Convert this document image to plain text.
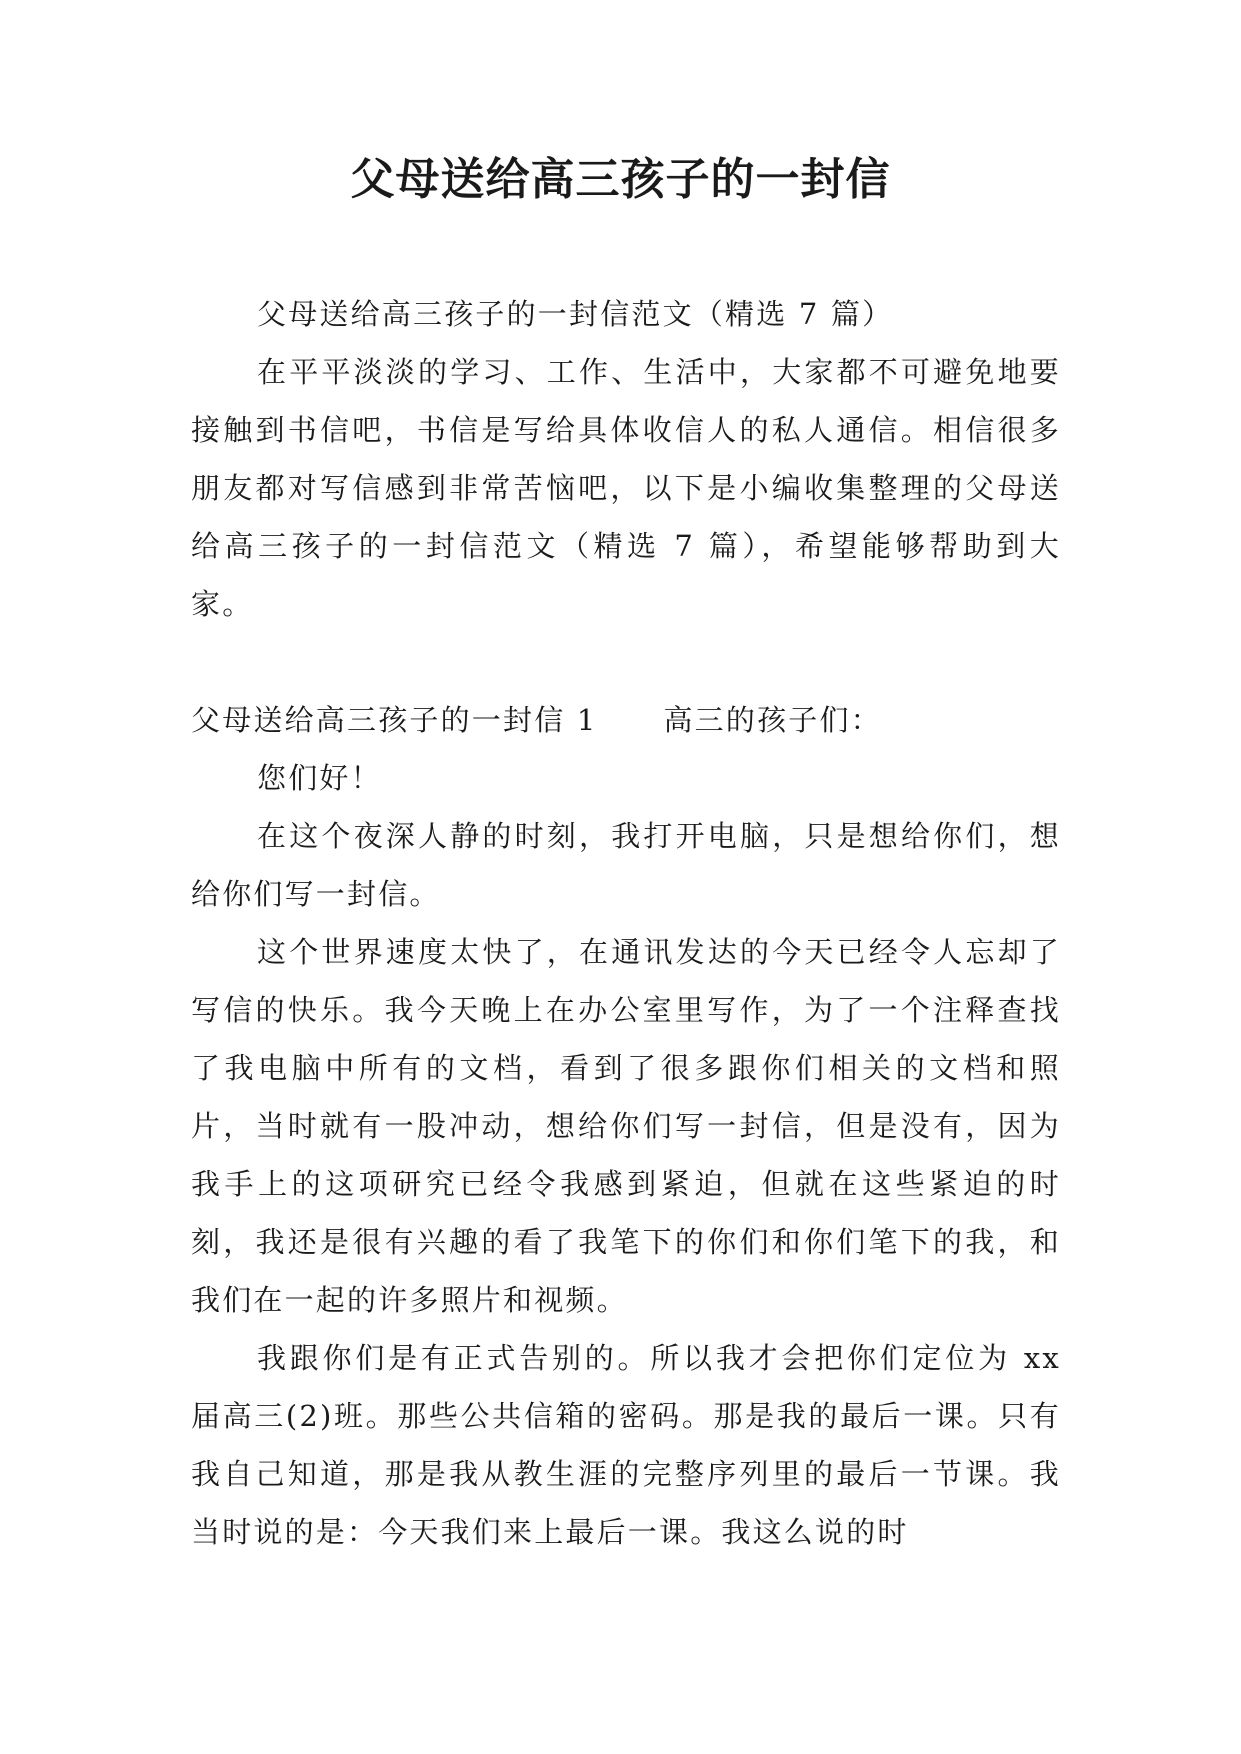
父母送给高三孩子的一封信

父母送给高三孩子的一封信范文（精选 7 篇）

在平平淡淡的学习、工作、生活中，大家都不可避免地要接触到书信吧，书信是写给具体收信人的私人通信。相信很多朋友都对写信感到非常苦恼吧，以下是小编收集整理的父母送给高三孩子的一封信范文（精选 7 篇），希望能够帮助到大家。

父母送给高三孩子的一封信 1 高三的孩子们：

您们好！

在这个夜深人静的时刻，我打开电脑，只是想给你们，想给你们写一封信。

这个世界速度太快了，在通讯发达的今天已经令人忘却了写信的快乐。我今天晚上在办公室里写作，为了一个注释查找了我电脑中所有的文档，看到了很多跟你们相关的文档和照片，当时就有一股冲动，想给你们写一封信，但是没有，因为我手上的这项研究已经令我感到紧迫，但就在这些紧迫的时刻，我还是很有兴趣的看了我笔下的你们和你们笔下的我，和我们在一起的许多照片和视频。

我跟你们是有正式告别的。所以我才会把你们定位为 xx 届高三(2)班。那些公共信箱的密码。那是我的最后一课。只有我自己知道，那是我从教生涯的完整序列里的最后一节课。我当时说的是：今天我们来上最后一课。我这么说的时
